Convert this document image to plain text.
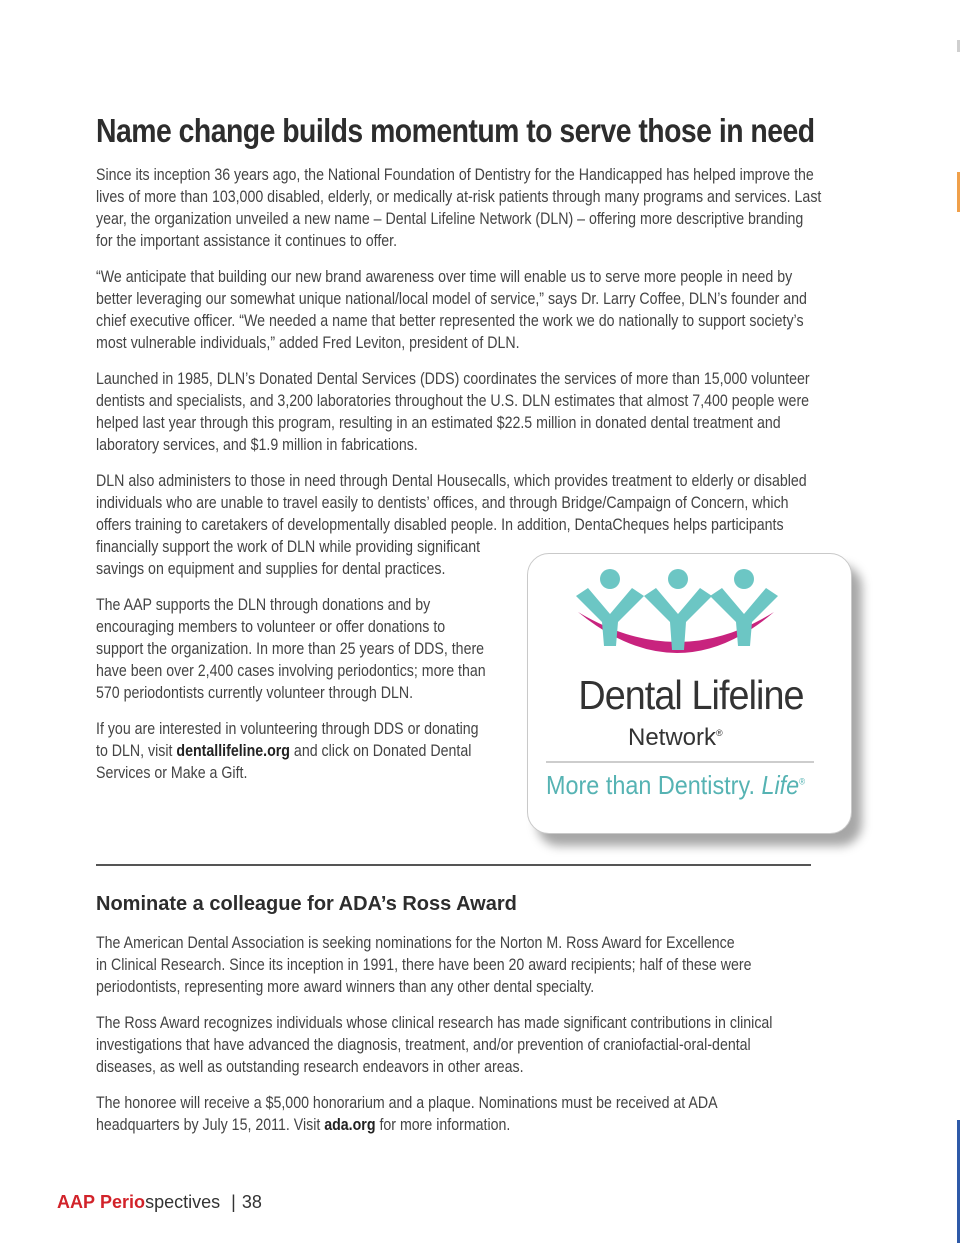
Name change builds momentum to serve those in need

Since its inception 36 years ago, the National Foundation of Dentistry for the Handicapped has helped improve the
lives of more than 103,000 disabled, elderly, or medically at-risk patients through many programs and services. Last
year, the organization unveiled a new name – Dental Lifeline Network (DLN) – offering more descriptive branding
for the important assistance it continues to offer.

“We anticipate that building our new brand awareness over time will enable us to serve more people in need by
better leveraging our somewhat unique national/local model of service,” says Dr. Larry Coffee, DLN’s founder and
chief executive officer. “We needed a name that better represented the work we do nationally to support society’s
most vulnerable individuals,” added Fred Leviton, president of DLN.

Launched in 1985, DLN’s Donated Dental Services (DDS) coordinates the services of more than 15,000 volunteer
dentists and specialists, and 3,200 laboratories throughout the U.S. DLN estimates that almost 7,400 people were
helped last year through this program, resulting in an estimated $22.5 million in donated dental treatment and
laboratory services, and $1.9 million in fabrications.

DLN also administers to those in need through Dental Housecalls, which provides treatment to elderly or disabled
individuals who are unable to travel easily to dentists’ offices, and through Bridge/Campaign of Concern, which
offers training to caretakers of developmentally disabled people. In addition, DentaCheques helps participants
financially support the work of DLN while providing significant
savings on equipment and supplies for dental practices.

The AAP supports the DLN through donations and by
encouraging members to volunteer or offer donations to
support the organization. In more than 25 years of DDS, there
have been over 2,400 cases involving periodontics; more than
570 periodontists currently volunteer through DLN.

If you are interested in volunteering through DDS or donating
to DLN, visit dentallifeline.org and click on Donated Dental
Services or Make a Gift.

Dental Lifeline

Network®

More than Dentistry. Life®

Nominate a colleague for ADA’s Ross Award

The American Dental Association is seeking nominations for the Norton M. Ross Award for Excellence
in Clinical Research. Since its inception in 1991, there have been 20 award recipients; half of these were
periodontists, representing more award winners than any other dental specialty.

The Ross Award recognizes individuals whose clinical research has made significant contributions in clinical
investigations that have advanced the diagnosis, treatment, and/or prevention of craniofactial-oral-dental
diseases, as well as outstanding research endeavors in other areas.

The honoree will receive a $5,000 honorarium and a plaque. Nominations must be received at ADA
headquarters by July 15, 2011. Visit ada.org for more information.

AAP Periospectives | 38
